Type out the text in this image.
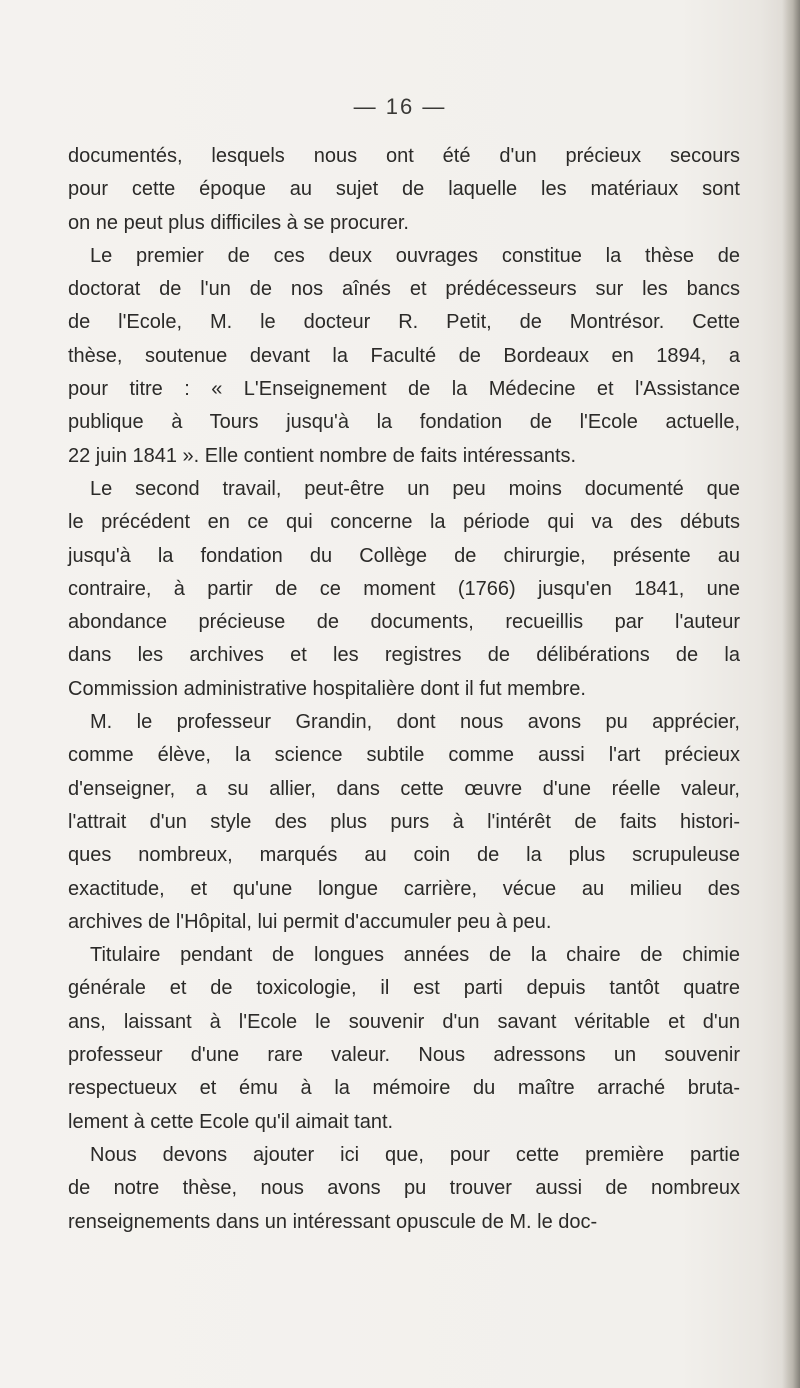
— 16 —
documentés, lesquels nous ont été d'un précieux secours
pour cette époque au sujet de laquelle les matériaux sont
on ne peut plus difficiles à se procurer.
Le premier de ces deux ouvrages constitue la thèse de
doctorat de l'un de nos aînés et prédécesseurs sur les bancs
de l'Ecole, M. le docteur R. Petit, de Montrésor. Cette
thèse, soutenue devant la Faculté de Bordeaux en 1894, a
pour titre : « L'Enseignement de la Médecine et l'Assistance
publique à Tours jusqu'à la fondation de l'Ecole actuelle,
22 juin 1841 ». Elle contient nombre de faits intéressants.
Le second travail, peut-être un peu moins documenté que
le précédent en ce qui concerne la période qui va des débuts
jusqu'à la fondation du Collège de chirurgie, présente au
contraire, à partir de ce moment (1766) jusqu'en 1841, une
abondance précieuse de documents, recueillis par l'auteur
dans les archives et les registres de délibérations de la
Commission administrative hospitalière dont il fut membre.
M. le professeur Grandin, dont nous avons pu apprécier,
comme élève, la science subtile comme aussi l'art précieux
d'enseigner, a su allier, dans cette œuvre d'une réelle valeur,
l'attrait d'un style des plus purs à l'intérêt de faits histori-
ques nombreux, marqués au coin de la plus scrupuleuse
exactitude, et qu'une longue carrière, vécue au milieu des
archives de l'Hôpital, lui permit d'accumuler peu à peu.
Titulaire pendant de longues années de la chaire de chimie
générale et de toxicologie, il est parti depuis tantôt quatre
ans, laissant à l'Ecole le souvenir d'un savant véritable et d'un
professeur d'une rare valeur. Nous adressons un souvenir
respectueux et ému à la mémoire du maître arraché bruta-
lement à cette Ecole qu'il aimait tant.
Nous devons ajouter ici que, pour cette première partie
de notre thèse, nous avons pu trouver aussi de nombreux
renseignements dans un intéressant opuscule de M. le doc-
